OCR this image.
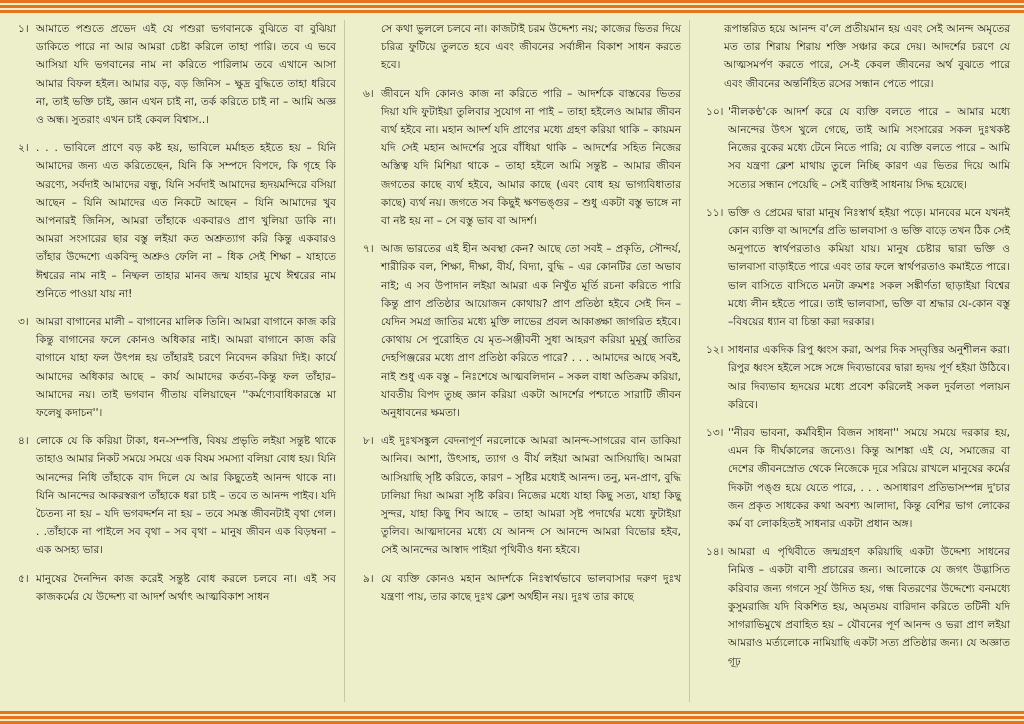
১। আমাতে পশুতে প্রভেদ এই যে পশুরা ভগবানকে বুঝিতে বা বুঝিয়া ডাকিতে পারে না আর আমরা চেষ্টা করিলে তাহা পারি। তবে এ ভবে আসিয়া যদি ভগবানের নাম না করিতে পারিলাম তবে এখানে আসা আমার বিফল হইল। আমার বড়, বড় জিনিস – ক্ষুদ্র বুদ্ধিতে তাহা ধরিবে না, তাই ভক্তি চাই, জ্ঞান এখন চাই না, তর্ক করিতে চাই না – আমি অজ্ঞ ও অন্ধ। সুতরাং এখন চাই কেবল বিশ্বাস..।
২। . . . ভাবিলে প্রাণে বড় কষ্ট হয়, ভাবিলে মর্মাহত হইতে হয় – যিনি আমাদের জন্য এত করিতেছেন, যিনি কি সম্পদে বিপদে, কি গৃহে কি অরণ্যে, সর্বদাই আমাদের বন্ধু, যিনি সর্বদাই আমাদের হৃদয়মন্দিরে বসিয়া আছেন – যিনি আমাদের এত নিকটে আছেন – যিনি আমাদের খুব আপনারই জিনিস, আমরা তাঁহাকে একবারও প্রাণ খুলিয়া ডাকি না। আমরা সংসারের ছার বস্তু লইয়া কত অশ্রুত্যাগ করি কিন্তু একবারও তাঁহার উদ্দেশ্যে একবিন্দু অশ্রুও ফেলি না – ধিক সেই শিক্ষা – যাহাতে ঈশ্বরের নাম নাই – নিষ্ফল তাহার মানব জন্ম যাহার মুখে ঈশ্বরের নাম শুনিতে পাওয়া যায় না!
৩। আমরা বাগানের মালী – বাগানের মালিক তিনি। আমরা বাগানে কাজ করি কিন্তু বাগানের ফলে কোনও অধিকার নাই। আমরা বাগানে কাজ করি বাগানে যাহা ফল উৎপন্ন হয় তাঁহারই চরণে নিবেদন করিয়া দিই। কার্যে আমাদের অধিকার আছে – কার্য আমাদের কর্তব্য–কিন্তু ফল তাঁহার–আমাদের নয়। তাই ভগবান গীতায় বলিয়াছেন ''কর্মণ্যেবাধিকারস্তে মা ফলেষু কদাচন''।
৪। লোকে যে কি করিয়া টাকা, ধন-সম্পত্তি, বিষয় প্রভৃতি লইয়া সন্তুষ্ট থাকে তাহাও আমার নিকট সময়ে সময়ে এক বিষম সমস্যা বলিয়া বোধ হয়। যিনি আনন্দের নিধি তাঁহাকে বাদ দিলে যে আর কিছুতেই আনন্দ থাকে না। যিনি আনন্দের আকরস্বরূপ তাঁহাকে ধরা চাই – তবে ত আনন্দ পাইব। যদি চৈতন্য না হয় – যদি ভগবদ্দর্শন না হয় – তবে সমস্ত জীবনটাই বৃথা গেল। . .তাঁহাকে না পাইলে সব বৃথা – সব বৃথা – মানুষ জীবন এক বিড়ম্বনা – এক অসহ্য ভার।
৫। মানুষের দৈনন্দিন কাজ করেই সন্তুষ্ট বোধ করলে চলবে না। এই সব কাজকর্মের যে উদ্দেশ্য বা আদর্শ অর্থাৎ আত্মবিকাশ সাধন
সে কথা ভুললে চলবে না। কাজটাই চরম উদ্দেশ্য নয়; কাজের ভিতর দিয়ে চরিত্র ফুটিয়ে তুলতে হবে এবং জীবনের সর্বাঙ্গীন বিকাশ সাধন করতে হবে।
৬। জীবনে যদি কোনও কাজ না করিতে পারি – আদর্শকে বাস্তবের ভিতর দিয়া যদি ফুটাইয়া তুলিবার সুযোগ না পাই – তাহা হইলেও আমার জীবন ব্যর্থ হইবে না। মহান আদর্শ যদি প্রাণের মধ্যে গ্রহণ করিয়া থাকি – কায়মন যদি সেই মহান আদর্শের সুরে বাঁধিয়া থাকি – আদর্শের সহিত নিজের অস্তিত্ব যদি মিশিয়া থাকে – তাহা হইলে আমি সন্তুষ্ট – আমার জীবন জগতের কাছে ব্যর্থ হইবে, আমার কাছে (এবং বোধ হয় ভাগ্যবিধাতার কাছে) ব্যর্থ নয়। জগতে সব কিছুই ক্ষণভঙ্গুর – শুধু একটা বস্তু ভাঙ্গে না বা নষ্ট হয় না – সে বস্তু ভাব বা আদর্শ।
৭। আজ ভারতের এই হীন অবস্থা কেন? আছে তো সবই – প্রকৃতি, সৌন্দর্য, শারীরিক বল, শিক্ষা, দীক্ষা, বীর্য, বিদ্যা, বুদ্ধি – এর কোনটির তো অভাব নাই; এ সব উপাদান লইয়া আমরা এক নিখুঁত মূর্তি রচনা করিতে পারি কিন্তু প্রাণ প্রতিষ্ঠার আয়োজন কোথায়? প্রাণ প্রতিষ্ঠা হইবে সেই দিন – যেদিন সমগ্র জাতির মধ্যে মুক্তি লাভের প্রবল আকাঙ্ক্ষা জাগরিত হইবে। কোথায় সে পুরোহিত যে মৃত-সঞ্জীবনী সুধা আহরণ করিয়া মুমূর্ষু জাতির দেহপিঞ্জরের মধ্যে প্রাণ প্রতিষ্ঠা করিতে পারে? . . . আমাদের আছে সবই, নাই শুধু এক বস্তু – নিঃশেষে আত্মবলিদান – সকল বাধা অতিক্রম করিয়া, যাবতীয় বিপদ তুচ্ছ জ্ঞান করিয়া একটা আদর্শের পশ্চাতে সারাটি জীবন অনুধাবনের ক্ষমতা।
৮। এই দুঃখসঙ্কুল বেদনাপূর্ণ নরলোকে আমরা আনন্দ-সাগরের বান ডাকিয়া আনিব। আশা, উৎসাহ, ত্যাগ ও বীর্য লইয়া আমরা আসিয়াছি। আমরা আসিয়াছি সৃষ্টি করিতে, কারণ – সৃষ্টির মধ্যেই আনন্দ। তনু, মন-প্রাণ, বুদ্ধি ঢালিয়া দিয়া আমরা সৃষ্টি করিব। নিজের মধ্যে যাহা কিছু সত্য, যাহা কিছু সুন্দর, যাহা কিছু শিব আছে – তাহা আমরা সৃষ্ট পদার্থের মধ্যে ফুটাইয়া তুলিব। আত্মদানের মধ্যে যে আনন্দ সে আনন্দে আমরা বিভোর হইব, সেই আনন্দের আস্বাদ পাইয়া পৃথিবীও ধন্য হইবে।
৯। যে ব্যক্তি কোনও মহান আদর্শকে নিঃস্বার্থভাবে ভালবাসার দরুণ দুঃখ যন্ত্রণা পায়, তার কাছে দুঃখ ক্লেশ অর্থহীন নয়। দুঃখ তার কাছে
রূপান্তরিত হয়ে আনন্দ ব'লে প্রতীয়মান হয় এবং সেই আনন্দ অমৃতের মত তার শিরায় শিরায় শক্তি সঞ্চার করে দেয়। আদর্শের চরণে যে আত্মসমর্পণ করতে পারে, সে-ই কেবল জীবনের অর্থ বুঝতে পারে এবং জীবনের অন্তর্নিহিত রসের সন্ধান পেতে পারে।
১০। 'নীলকণ্ঠ'কে আদর্শ করে যে ব্যক্তি বলতে পারে – আমার মধ্যে আনন্দের উৎস খুলে গেছে, তাই আমি সংসারের সকল দুঃখকষ্ট নিজের বুকের মধ্যে টেনে নিতে পারি; যে ব্যক্তি বলতে পারে – আমি সব যন্ত্রণা ক্লেশ মাথায় তুলে নিচ্ছি কারণ এর ভিতর দিয়ে আমি সত্যের সন্ধান পেয়েছি – সেই ব্যক্তিই সাধনায় সিদ্ধ হয়েছে।
১১। ভক্তি ও প্রেমের দ্বারা মানুষ নিঃস্বার্থ হইয়া পড়ে। মানবের মনে যখনই কোন ব্যক্তি বা আদর্শের প্রতি ভালবাসা ও ভক্তি বাড়ে তখন ঠিক সেই অনুপাতে স্বার্থপরতাও কমিয়া যায়। মানুষ চেষ্টার দ্বারা ভক্তি ও ভালবাসা বাড়াইতে পারে এবং তার ফলে স্বার্থপরতাও কমাইতে পারে। ভাল বাসিতে বাসিতে মনটা ক্রমশঃ সকল সঙ্কীর্ণতা ছাড়াইয়া বিশ্বের মধ্যে লীন হইতে পারে। তাই ভালবাসা, ভক্তি বা শ্রদ্ধার যে-কোন বস্তু –বিষয়ের ধ্যান বা চিন্তা করা দরকার।
১২। সাধনার একদিক রিপু ধ্বংস করা, অপর দিক সদ্‌বৃত্তির অনুশীলন করা। রিপুর ধ্বংস হইলে সঙ্গে সঙ্গে দিব্যভাবের দ্বারা হৃদয় পূর্ণ হইয়া উঠিবে। আর দিব্যভাব হৃদয়ের মধ্যে প্রবেশ করিলেই সকল দুর্বলতা পলায়ন করিবে।
১৩। ''নীরব ভাবনা, কর্মবিহীন বিজন সাধনা'' সময়ে সময়ে দরকার হয়, এমন কি দীর্ঘকালের জন্যেও। কিন্তু আশঙ্কা এই যে, সমাজের বা দেশের জীবনস্রোত থেকে নিজেকে দূরে সরিয়ে রাখলে মানুষের কর্মের দিকটা পঙ্গু হয়ে যেতে পারে, . . . অসাধারণ প্রতিভাসম্পন্ন দু'চার জন প্রকৃত সাধকের কথা অবশ্য আলাদা, কিন্তু বেশির ভাগ লোকের কর্ম বা লোকহিতই সাধনার একটা প্রধান অঙ্গ।
১৪। আমরা এ পৃথিবীতে জন্মগ্রহণ করিয়াছি একটা উদ্দেশ্য সাধনের নিমিত্ত – একটা বাণী প্রচারের জন্য। আলোকে যে জগৎ উদ্ভাসিত করিবার জন্য গগনে সূর্য উদিত হয়, গন্ধ বিতরণের উদ্দেশ্যে বনমধ্যে কুসুমরাজি যদি বিকশিত হয়, অমৃতময় বারিদান করিতে তটিনী যদি সাগরাভিমুখে প্রবাহিত হয় – যৌবনের পূর্ণ আনন্দ ও ভরা প্রাণ লইয়া আমরাও মর্ত্যলোকে নামিয়াছি একটা সত্য প্রতিষ্ঠার জন্য। যে অজ্ঞাত গূঢ়
